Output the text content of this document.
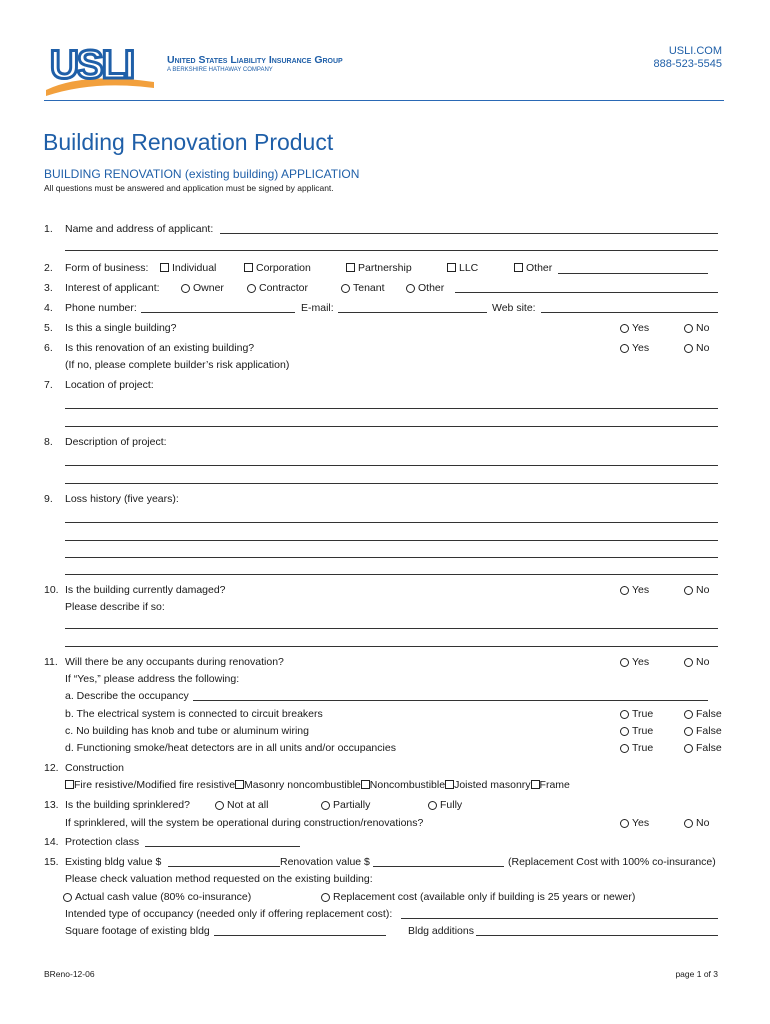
USLI	United States Liability Insurance Group
A BERKSHIRE HATHAWAY COMPANY
USLI.COM
888-523-5545
Building Renovation Product
BUILDING RENOVATION (existing building) APPLICATION
All questions must be answered and application must be signed by applicant.
1. Name and address of applicant:
2. Form of business:	Individual	Corporation	Partnership	LLC	Other
3. Interest of applicant:	Owner	Contractor	Tenant	Other
4. Phone number:	E-mail:	Web site:
5. Is this a single building?	Yes	No
6. Is this renovation of an existing building?
(If no, please complete builder’s risk application)
Yes	No
7. Location of project:
8. Description of project:
9. Loss history (five years):
10. Is the building currently damaged?
Please describe if so:
Yes	No
11. Will there be any occupants during renovation?	Yes	No
If “Yes,” please address the following:
a. Describe the occupancy
b. The electrical system is connected to circuit breakers	True	False
c. No building has knob and tube or aluminum wiring	True	False
d. Functioning smoke/heat detectors are in all units and/or occupancies	True	False
12. Construction
Fire resistive/Modified fire resistive Masonry noncombustible Noncombustible Joisted masonry Frame
13. Is the building sprinklered?	Not at all	Partially	Fully
If sprinklered, will the system be operational during construction/renovations?	Yes	No
14. Protection class
15. Existing bldg value $	Renovation value $	(Replacement Cost with 100% co-insurance)
Please check valuation method requested on the existing building:
Actual cash value (80% co-insurance)	Replacement cost (available only if building is 25 years or newer)
Intended type of occupancy (needed only if offering replacement cost):
Square footage of existing bldg	Bldg additions
BReno-12-06	page 1 of 3
